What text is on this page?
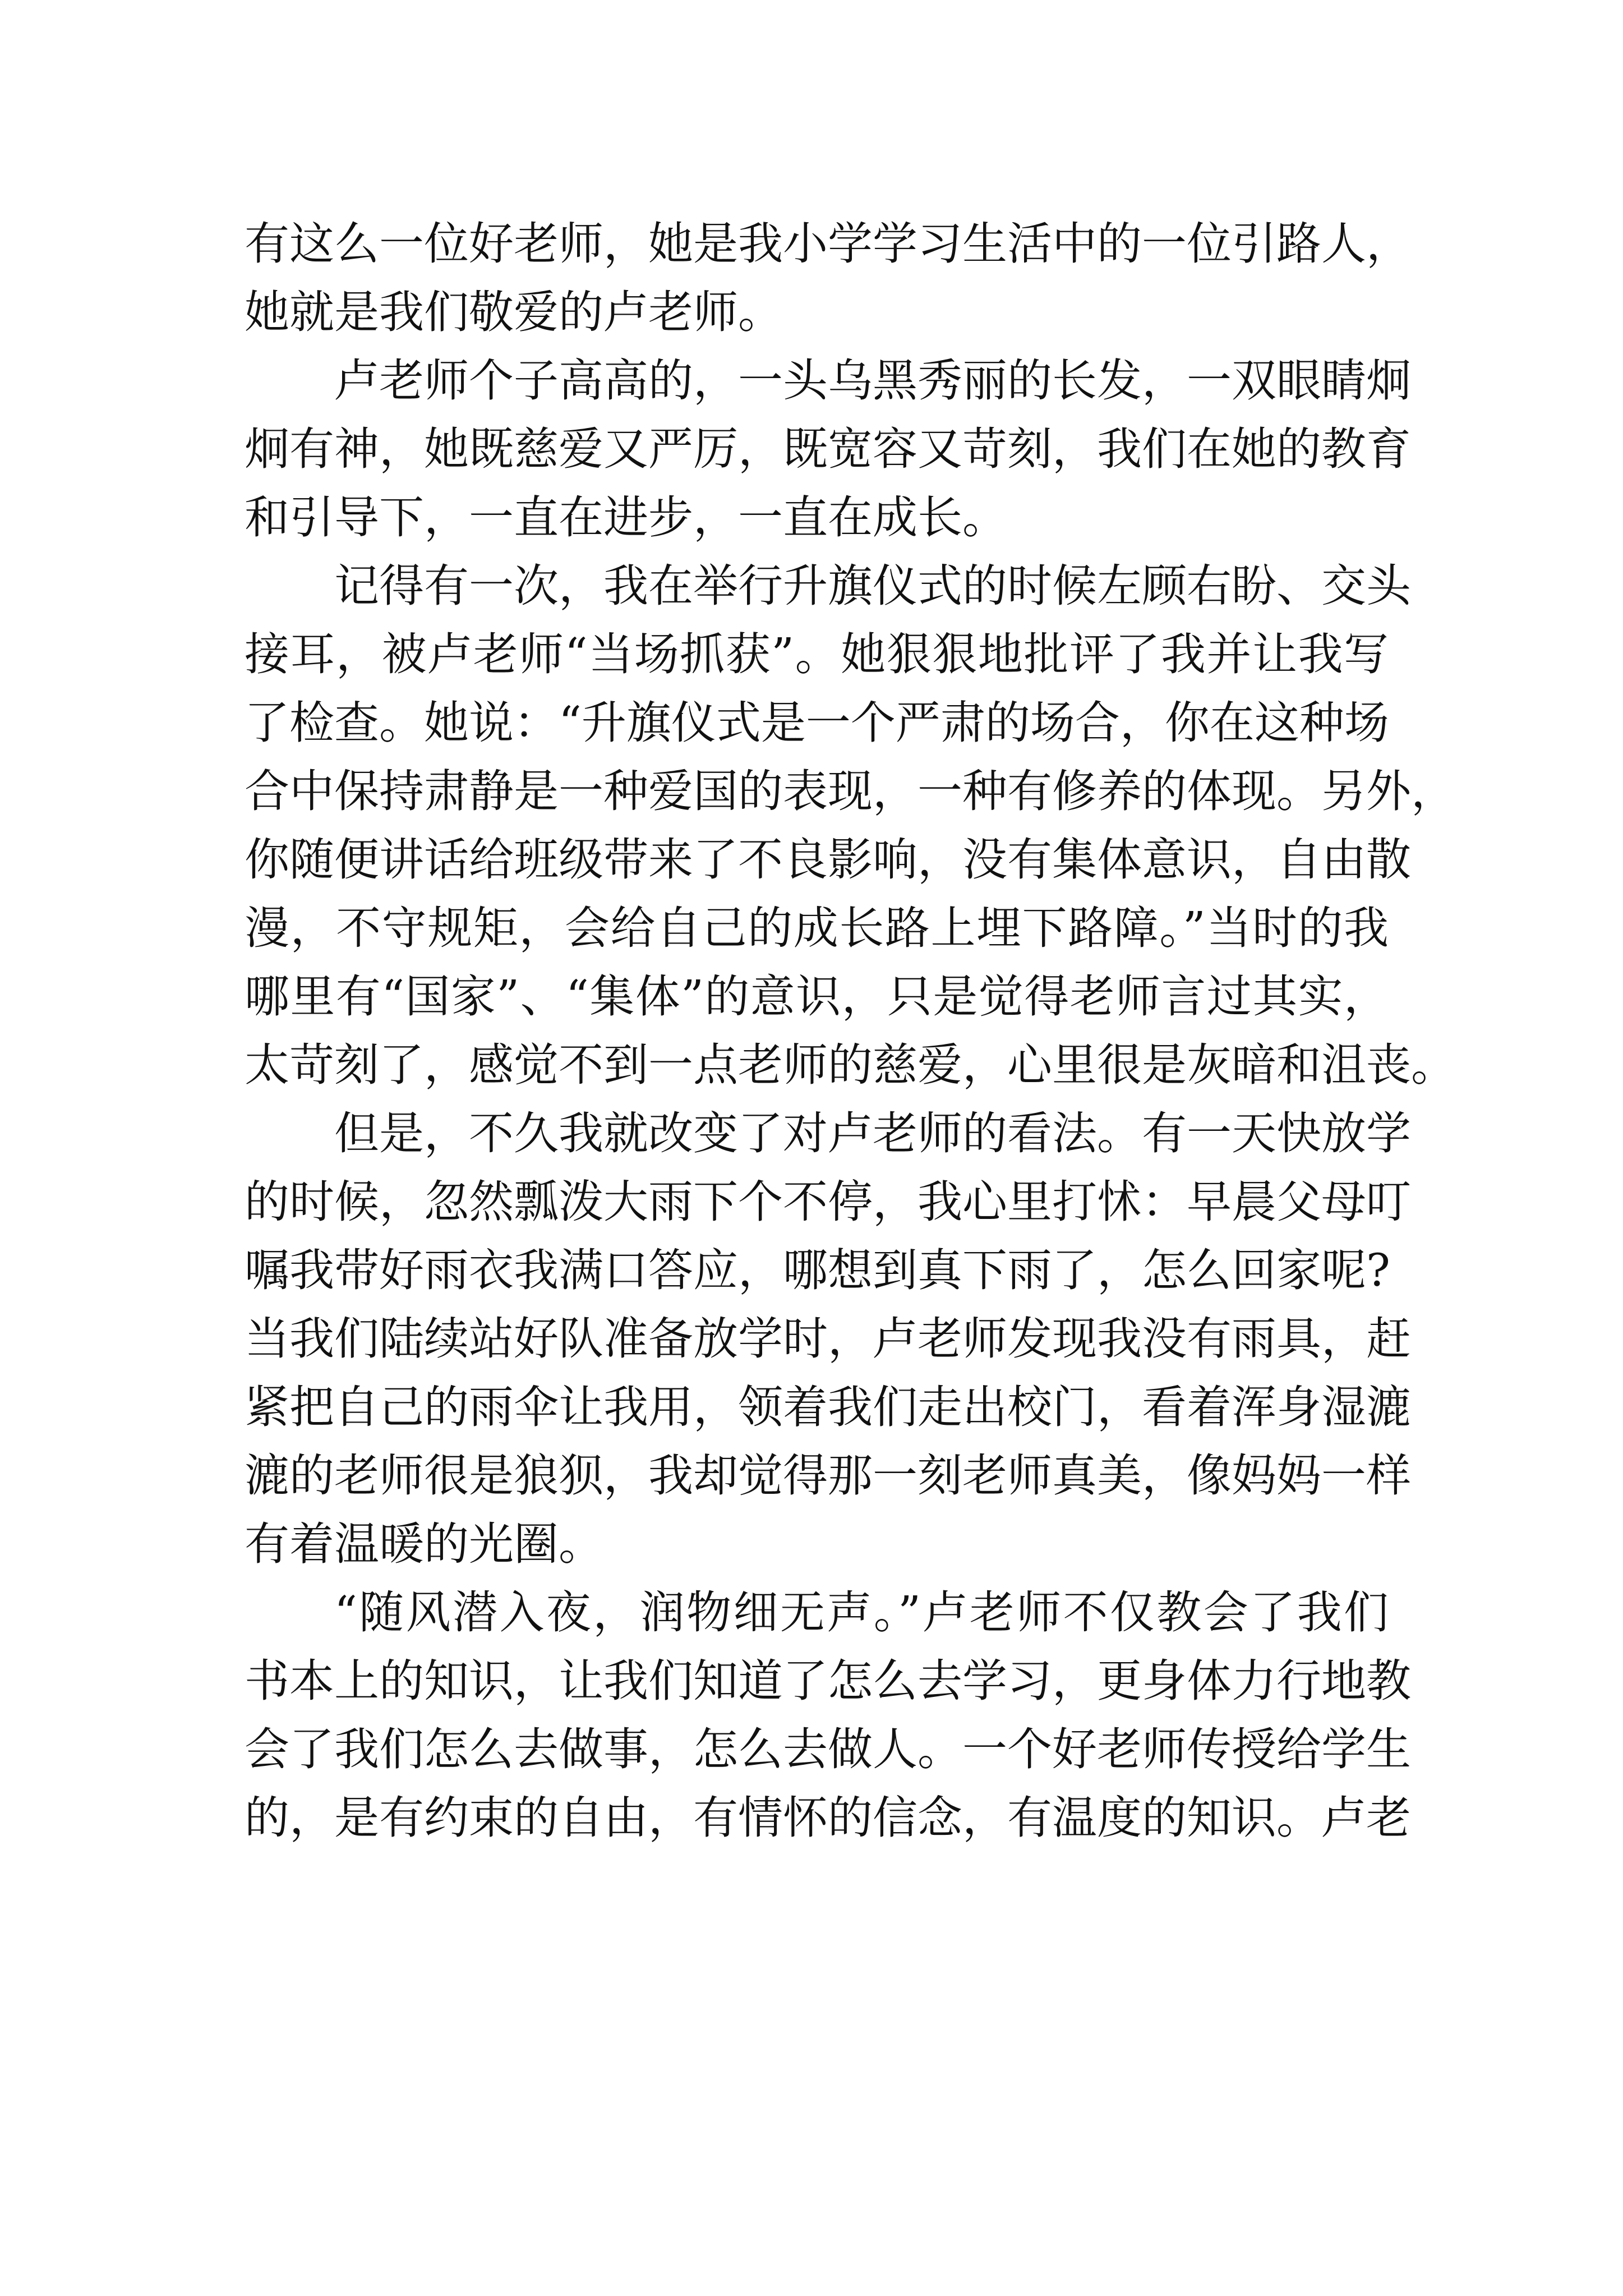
有这么一位好老师，她是我小学学习生活中的一位引路人，
她就是我们敬爱的卢老师。
卢老师个子高高的，一头乌黑秀丽的长发，一双眼睛炯
炯有神，她既慈爱又严厉，既宽容又苛刻，我们在她的教育
和引导下，一直在进步，一直在成长。
记得有一次，我在举行升旗仪式的时候左顾右盼、交头
接耳，被卢老师“当场抓获”。她狠狠地批评了我并让我写
了检查。她说：“升旗仪式是一个严肃的场合，你在这种场
合中保持肃静是一种爱国的表现，一种有修养的体现。另外，
你随便讲话给班级带来了不良影响，没有集体意识，自由散
漫，不守规矩，会给自己的成长路上埋下路障。”当时的我
哪里有“国家”、“集体”的意识，只是觉得老师言过其实，
太苛刻了，感觉不到一点老师的慈爱，心里很是灰暗和沮丧。
但是，不久我就改变了对卢老师的看法。有一天快放学
的时候，忽然瓢泼大雨下个不停，我心里打怵：早晨父母叮
嘱我带好雨衣我满口答应，哪想到真下雨了，怎么回家呢?
当我们陆续站好队准备放学时，卢老师发现我没有雨具，赶
紧把自己的雨伞让我用，领着我们走出校门，看着浑身湿漉
漉的老师很是狼狈，我却觉得那一刻老师真美，像妈妈一样
有着温暖的光圈。
“随风潜入夜，润物细无声。”卢老师不仅教会了我们
书本上的知识，让我们知道了怎么去学习，更身体力行地教
会了我们怎么去做事，怎么去做人。一个好老师传授给学生
的，是有约束的自由，有情怀的信念，有温度的知识。卢老
